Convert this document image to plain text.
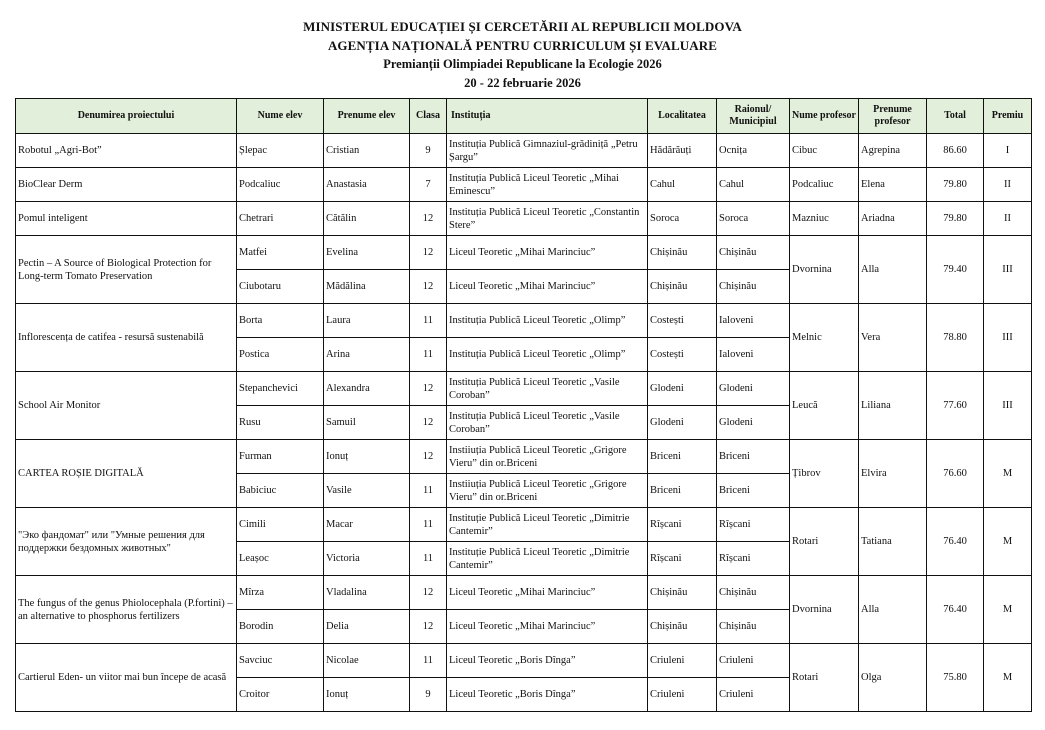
MINISTERUL EDUCAȚIEI ȘI CERCETĂRII AL REPUBLICII MOLDOVA
AGENȚIA NAȚIONALĂ PENTRU CURRICULUM ȘI EVALUARE
Premianții Olimpiadei Republicane la Ecologie 2026
20 - 22 februarie 2026
Denumirea proiectului	Nume elev	Prenume elev	Clasa	Instituția	Localitatea	Raionul/ Municipiul	Nume profesor	Prenume profesor	Total	Premiu
Robotul „Agri-Bot”	Șlepac	Cristian	9	Instituția Publică Gimnaziul-grădiniță „Petru Șargu”	Hădărăuți	Ocnița	Cibuc	Agrepina	86.60	I
BioClear Derm	Podcaliuc	Anastasia	7	Instituția Publică Liceul Teoretic „Mihai Eminescu”	Cahul	Cahul	Podcaliuc	Elena	79.80	II
Pomul inteligent	Chetrari	Cătălin	12	Instituția Publică Liceul Teoretic „Constantin Stere”	Soroca	Soroca	Mazniuc	Ariadna	79.80	II
Pectin – A Source of Biological Protection for Long-term Tomato Preservation	Matfei	Evelina	12	Liceul Teoretic „Mihai Marinciuc”	Chișinău	Chișinău	Dvornina	Alla	79.40	III
	Ciubotaru	Mădălina	12	Liceul Teoretic „Mihai Marinciuc”	Chișinău	Chișinău				
Inflorescența de catifea - resursă sustenabilă	Borta	Laura	11	Instituția Publică Liceul Teoretic „Olimp”	Costești	Ialoveni	Melnic	Vera	78.80	III
	Postica	Arina	11	Instituția Publică Liceul Teoretic „Olimp”	Costești	Ialoveni				
School Air Monitor	Stepanchevici	Alexandra	12	Instituția Publică Liceul Teoretic „Vasile Coroban”	Glodeni	Glodeni	Leucă	Liliana	77.60	III
	Rusu	Samuil	12	Instituția Publică Liceul Teoretic „Vasile Coroban”	Glodeni	Glodeni				
CARTEA ROȘIE DIGITALĂ	Furman	Ionuț	12	Instiiuția Publică Liceul Teoretic „Grigore Vieru” din or.Briceni	Briceni	Briceni	Țibrov	Elvira	76.60	M
	Babiciuc	Vasile	11	Instiiuția Publică Liceul Teoretic „Grigore Vieru” din or.Briceni	Briceni	Briceni				
"Эко фандомат" или "Умные решения для поддержки бездомных животных"	Cimili	Macar	11	Instituție Publică Liceul Teoretic „Dimitrie Cantemir”	Rîșcani	Rîșcani	Rotari	Tatiana	76.40	M
	Leașoc	Victoria	11	Instituție Publică Liceul Teoretic „Dimitrie Cantemir”	Rîșcani	Rîșcani				
The fungus of the genus Phiolocephala (P.fortini) – an alternative to phosphorus fertilizers	Mîrza	Vladalina	12	Liceul Teoretic „Mihai Marinciuc”	Chișinău	Chișinău	Dvornina	Alla	76.40	M
	Borodin	Delia	12	Liceul Teoretic „Mihai Marinciuc”	Chișinău	Chișinău				
Cartierul Eden- un viitor mai bun începe de acasă	Savciuc	Nicolae	11	Liceul Teoretic „Boris Dînga”	Criuleni	Criuleni	Rotari	Olga	75.80	M
	Croitor	Ionuț	9	Liceul Teoretic „Boris Dînga”	Criuleni	Criuleni				
